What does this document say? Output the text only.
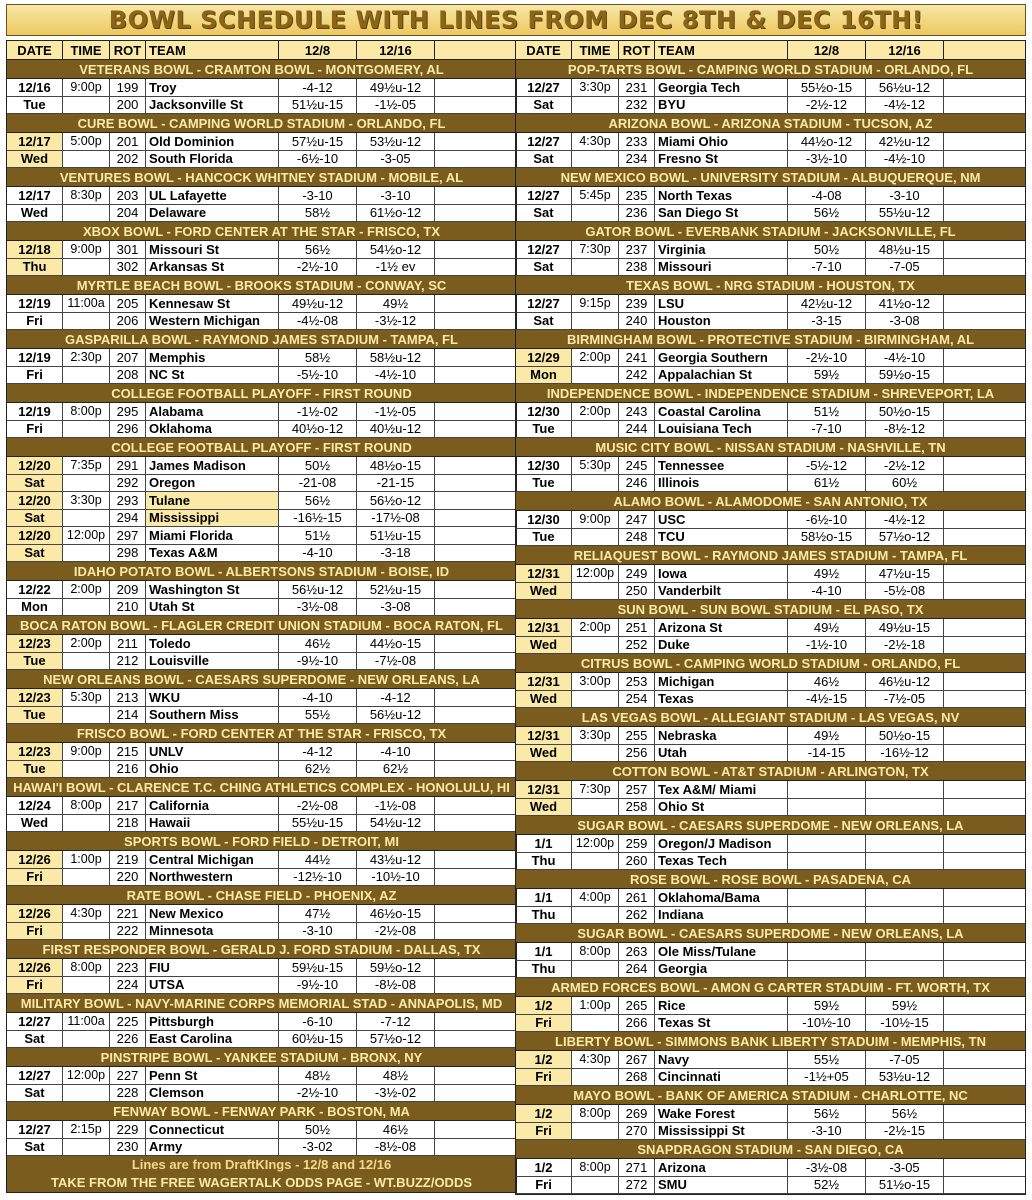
BOWL SCHEDULE WITH LINES FROM DEC 8TH & DEC 16TH!
DATE	TIME ROT TEAM	12/8	12/16
VETERANS BOWL - CRAMTON BOWL - MONTGOMERY, AL
12/16	9:00p	199 Troy	-4-12	49½u-12
Tue	200 Jacksonville St	51½u-15	-1½-05
CURE BOWL - CAMPING WORLD STADIUM - ORLANDO, FL
12/17	5:00p	201 Old Dominion	57½u-15	53½u-12
Wed	202 South Florida	-6½-10	-3-05
VENTURES BOWL - HANCOCK WHITNEY STADIUM - MOBILE, AL
12/17	8:30p	203 UL Lafayette	-3-10	-3-10
Wed	204 Delaware	58½	61½o-12
XBOX BOWL - FORD CENTER AT THE STAR - FRISCO, TX
12/18	9:00p	301 Missouri St	56½	54½o-12
Thu	302 Arkansas St	-2½-10	-1½ ev
MYRTLE BEACH BOWL - BROOKS STADIUM - CONWAY, SC
12/19	11:00a 205 Kennesaw St	49½u-12	49½
Fri	206 Western Michigan	-4½-08	-3½-12
GASPARILLA BOWL - RAYMOND JAMES STADIUM - TAMPA, FL
12/19	2:30p	207 Memphis	58½	58½u-12
Fri	208 NC St	-5½-10	-4½-10
COLLEGE FOOTBALL PLAYOFF - FIRST ROUND
12/19	8:00p	295 Alabama	-1½-02	-1½-05
Fri	296 Oklahoma	40½o-12	40½u-12
COLLEGE FOOTBALL PLAYOFF - FIRST ROUND
12/20	7:35p	291 James Madison	50½	48½o-15
Sat	292 Oregon	-21-08	-21-15
12/20	3:30p	293 Tulane	56½	56½o-12
Sat	294 Mississippi	-16½-15	-17½-08
12/20	12:00p 297 Miami Florida	51½	51½u-15
Sat	298 Texas A&M	-4-10	-3-18
IDAHO POTATO BOWL - ALBERTSONS STADIUM - BOISE, ID
12/22	2:00p	209 Washington St	56½u-12	52½u-15
Mon	210 Utah St	-3½-08	-3-08
BOCA RATON BOWL - FLAGLER CREDIT UNION STADIUM - BOCA RATON, FL
12/23	2:00p	211 Toledo	46½	44½o-15
Tue	212 Louisville	-9½-10	-7½-08
NEW ORLEANS BOWL - CAESARS SUPERDOME - NEW ORLEANS, LA
12/23	5:30p	213 WKU	-4-10	-4-12
Tue	214 Southern Miss	55½	56½u-12
FRISCO BOWL - FORD CENTER AT THE STAR - FRISCO, TX
12/23	9:00p	215 UNLV	-4-12	-4-10
Tue	216 Ohio	62½	62½
HAWAI'I BOWL - CLARENCE T.C. CHING ATHLETICS COMPLEX - HONOLULU, HI
12/24	8:00p	217 California	-2½-08	-1½-08
Wed	218 Hawaii	55½u-15	54½u-12
SPORTS BOWL - FORD FIELD - DETROIT, MI
12/26	1:00p	219 Central Michigan	44½	43½u-12
Fri	220 Northwestern	-12½-10	-10½-10
RATE BOWL - CHASE FIELD - PHOENIX, AZ
12/26	4:30p	221 New Mexico	47½	46½o-15
Fri	222 Minnesota	-3-10	-2½-08
FIRST RESPONDER BOWL - GERALD J. FORD STADIUM - DALLAS, TX
12/26	8:00p	223 FIU	59½u-15	59½o-12
Fri	224 UTSA	-9½-10	-8½-08
MILITARY BOWL - NAVY-MARINE CORPS MEMORIAL STAD - ANNAPOLIS, MD
12/27	11:00a 225 Pittsburgh	-6-10	-7-12
Sat	226 East Carolina	60½u-15	57½o-12
PINSTRIPE BOWL - YANKEE STADIUM - BRONX, NY
12/27	12:00p 227 Penn St	48½	48½
Sat	228 Clemson	-2½-10	-3½-02
FENWAY BOWL - FENWAY PARK - BOSTON, MA
12/27	2:15p	229 Connecticut	50½	46½
Sat	230 Army	-3-02	-8½-08
Lines are from DraftKIngs - 12/8 and 12/16
TAKE FROM THE FREE WAGERTALK ODDS PAGE - WT.BUZZ/ODDS
DATE	TIME ROT TEAM	12/8	12/16
POP-TARTS BOWL - CAMPING WORLD STADIUM - ORLANDO, FL
12/27	3:30p	231 Georgia Tech	55½o-15	56½u-12
Sat	232 BYU	-2½-12	-4½-12
ARIZONA BOWL - ARIZONA STADIUM - TUCSON, AZ
12/27	4:30p	233 Miami Ohio	44½o-12	42½u-12
Sat	234 Fresno St	-3½-10	-4½-10
NEW MEXICO BOWL - UNIVERSITY STADIUM - ALBUQUERQUE, NM
12/27	5:45p	235 North Texas	-4-08	-3-10
Sat	236 San Diego St	56½	55½u-12
GATOR BOWL - EVERBANK STADIUM - JACKSONVILLE, FL
12/27	7:30p	237 Virginia	50½	48½u-15
Sat	238 Missouri	-7-10	-7-05
TEXAS BOWL - NRG STADIUM - HOUSTON, TX
12/27	9:15p	239 LSU	42½u-12	41½o-12
Sat	240 Houston	-3-15	-3-08
BIRMINGHAM BOWL - PROTECTIVE STADIUM - BIRMINGHAM, AL
12/29	2:00p	241 Georgia Southern	-2½-10	-4½-10
Mon	242 Appalachian St	59½	59½o-15
INDEPENDENCE BOWL - INDEPENDENCE STADIUM - SHREVEPORT, LA
12/30	2:00p	243 Coastal Carolina	51½	50½o-15
Tue	244 Louisiana Tech	-7-10	-8½-12
MUSIC CITY BOWL - NISSAN STADIUM - NASHVILLE, TN
12/30	5:30p	245 Tennessee	-5½-12	-2½-12
Tue	246 Illinois	61½	60½
ALAMO BOWL - ALAMODOME - SAN ANTONIO, TX
12/30	9:00p	247 USC	-6½-10	-4½-12
Tue	248 TCU	58½o-15	57½o-12
RELIAQUEST BOWL - RAYMOND JAMES STADIUM - TAMPA, FL
12/31	12:00p 249 Iowa	49½	47½u-15
Wed	250 Vanderbilt	-4-10	-5½-08
SUN BOWL - SUN BOWL STADIUM - EL PASO, TX
12/31	2:00p	251 Arizona St	49½	49½u-15
Wed	252 Duke	-1½-10	-2½-18
CITRUS BOWL - CAMPING WORLD STADIUM - ORLANDO, FL
12/31	3:00p	253 Michigan	46½	46½u-12
Wed	254 Texas	-4½-15	-7½-05
LAS VEGAS BOWL - ALLEGIANT STADIUM - LAS VEGAS, NV
12/31	3:30p	255 Nebraska	49½	50½o-15
Wed	256 Utah	-14-15	-16½-12
COTTON BOWL - AT&T STADIUM - ARLINGTON, TX
12/31	7:30p	257 Tex A&M/ Miami
Wed	258 Ohio St
SUGAR BOWL - CAESARS SUPERDOME - NEW ORLEANS, LA
1/1	12:00p 259 Oregon/J Madison
Thu	260 Texas Tech
ROSE BOWL - ROSE BOWL - PASADENA, CA
1/1	4:00p	261 Oklahoma/Bama
Thu	262 Indiana
SUGAR BOWL - CAESARS SUPERDOME - NEW ORLEANS, LA
1/1	8:00p	263 Ole Miss/Tulane
Thu	264 Georgia
ARMED FORCES BOWL - AMON G CARTER STADUIM - FT. WORTH, TX
1/2	1:00p	265 Rice	59½	59½
Fri	266 Texas St	-10½-10	-10½-15
LIBERTY BOWL - SIMMONS BANK LIBERTY STADUIM - MEMPHIS, TN
1/2	4:30p	267 Navy	55½	-7-05
Fri	268 Cincinnati	-1½+05	53½u-12
MAYO BOWL - BANK OF AMERICA STADIUM - CHARLOTTE, NC
1/2	8:00p	269 Wake Forest	56½	56½
Fri	270 Mississippi St	-3-10	-2½-15
SNAPDRAGON STADIUM - SAN DIEGO, CA
1/2	8:00p	271 Arizona	-3½-08	-3-05
Fri	272 SMU	52½	51½o-15
